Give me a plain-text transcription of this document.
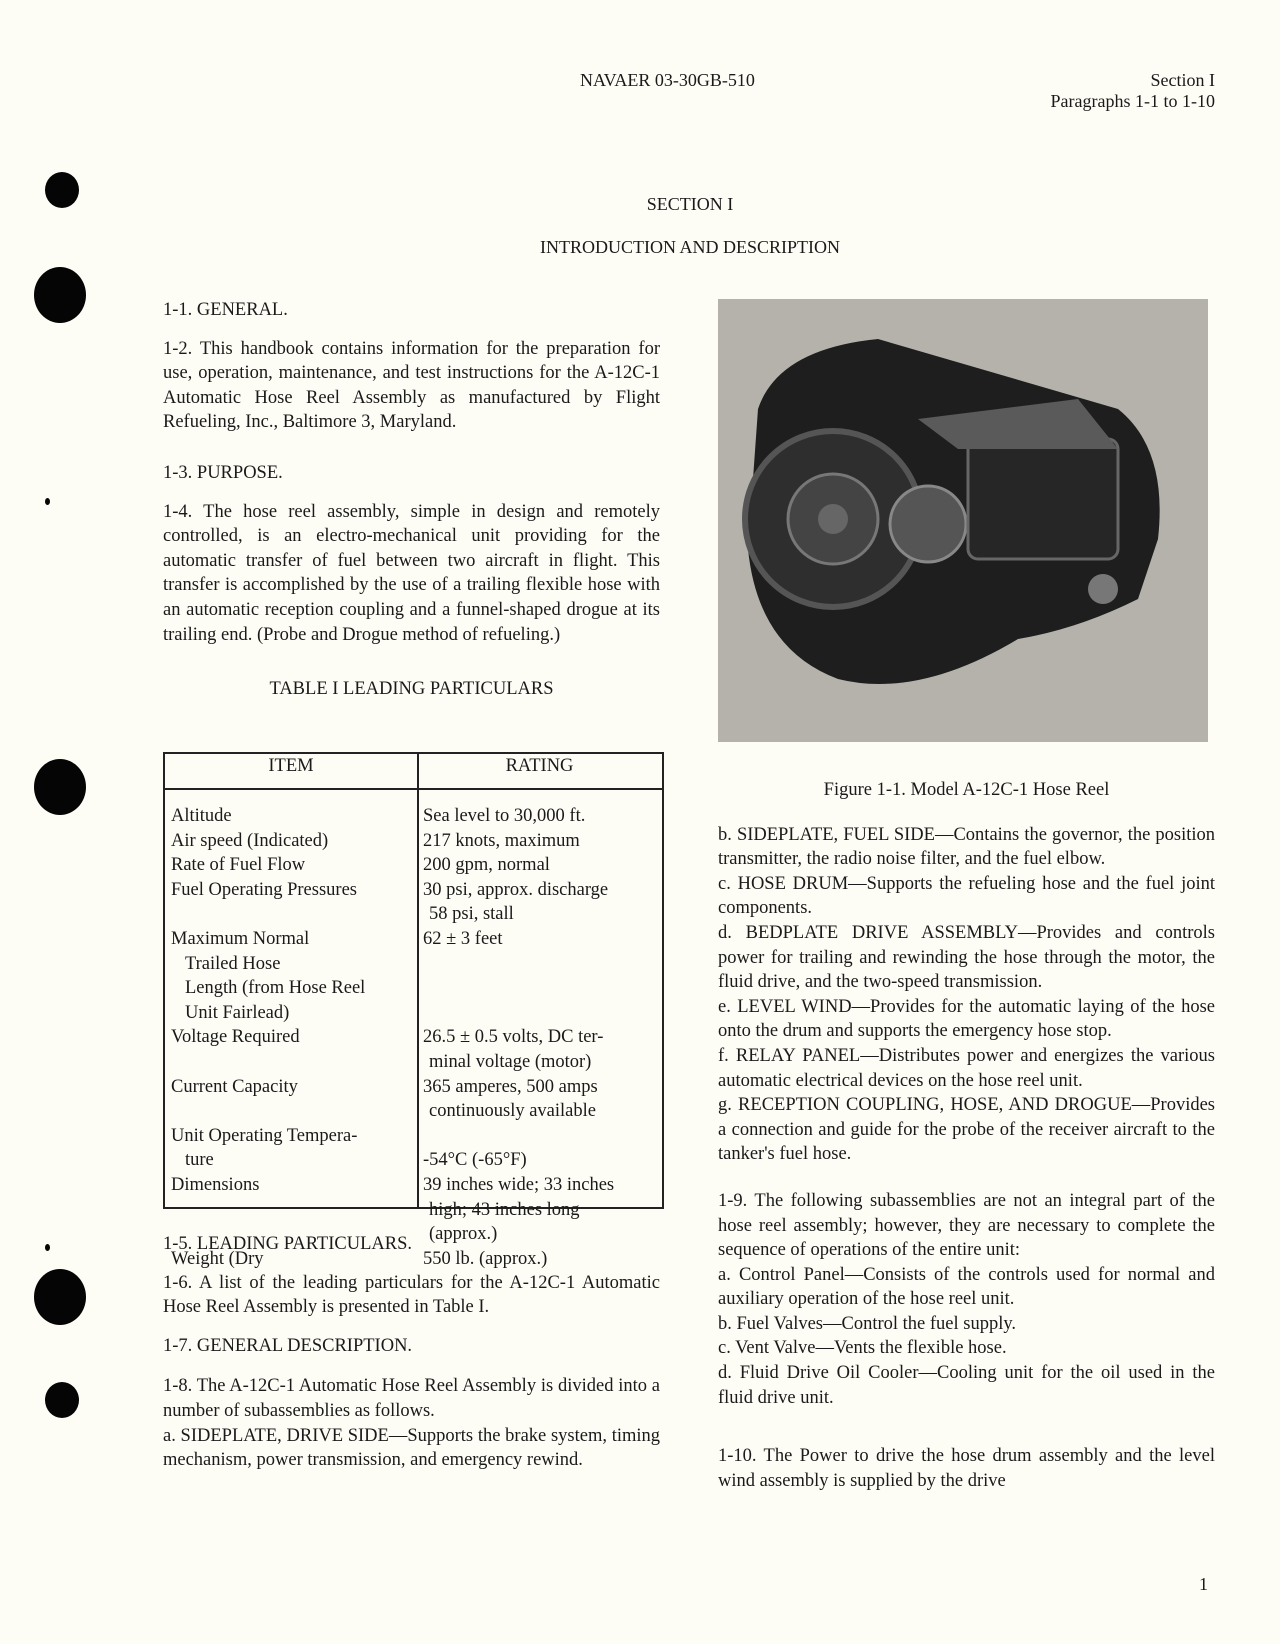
NAVAER 03-30GB-510	Section I
Paragraphs 1-1 to 1-10
SECTION I
INTRODUCTION AND DESCRIPTION

1-1. GENERAL.

1-2. This handbook contains information for the preparation for use, operation, maintenance, and test instructions for the A-12C-1 Automatic Hose Reel Assembly as manufactured by Flight Refueling, Inc., Baltimore 3, Maryland.

1-3. PURPOSE.

1-4. The hose reel assembly, simple in design and remotely controlled, is an electro-mechanical unit providing for the automatic transfer of fuel between two aircraft in flight. This transfer is accomplished by the use of a trailing flexible hose with an automatic reception coupling and a funnel-shaped drogue at its trailing end. (Probe and Drogue method of refueling.)

TABLE I LEADING PARTICULARS

ITEM	RATING

Altitude	Sea level to 30,000 ft.

Air speed (Indicated)	217 knots, maximum

Rate of Fuel Flow	200 gpm, normal

Fuel Operating Pressures	30 psi, approx. discharge
58 psi, stall

Maximum Normal
Trailed Hose
Length (from Hose Reel
Unit Fairlead)	62 ± 3 feet

Voltage Required	26.5 ± 0.5 volts, DC ter-
minal voltage (motor)

Current Capacity	365 amperes, 500 amps
continuously available

Unit Operating Tempera-
ture	-54°C (-65°F)

Dimensions	39 inches wide; 33 inches
high; 43 inches long
(approx.)

Weight (Dry	550 lb. (approx.)

1-5. LEADING PARTICULARS.

1-6. A list of the leading particulars for the A-12C-1 Automatic Hose Reel Assembly is presented in Table I.

1-7. GENERAL DESCRIPTION.

1-8. The A-12C-1 Automatic Hose Reel Assembly is divided into a number of subassemblies as follows.

a. SIDEPLATE, DRIVE SIDE—Supports the brake system, timing mechanism, power transmission, and emergency rewind.

Figure 1-1. Model A-12C-1 Hose Reel

b. SIDEPLATE, FUEL SIDE—Contains the governor, the position transmitter, the radio noise filter, and the fuel elbow.

c. HOSE DRUM—Supports the refueling hose and the fuel joint components.

d. BEDPLATE DRIVE ASSEMBLY—Provides and controls power for trailing and rewinding the hose through the motor, the fluid drive, and the two-speed transmission.

e. LEVEL WIND—Provides for the automatic laying of the hose onto the drum and supports the emergency hose stop.

f. RELAY PANEL—Distributes power and energizes the various automatic electrical devices on the hose reel unit.

g. RECEPTION COUPLING, HOSE, AND DROGUE—Provides a connection and guide for the probe of the receiver aircraft to the tanker's fuel hose.

1-9. The following subassemblies are not an integral part of the hose reel assembly; however, they are necessary to complete the sequence of operations of the entire unit:

a. Control Panel—Consists of the controls used for normal and auxiliary operation of the hose reel unit.

b. Fuel Valves—Control the fuel supply.

c. Vent Valve—Vents the flexible hose.

d. Fluid Drive Oil Cooler—Cooling unit for the oil used in the fluid drive unit.

1-10. The Power to drive the hose drum assembly and the level wind assembly is supplied by the drive

1
